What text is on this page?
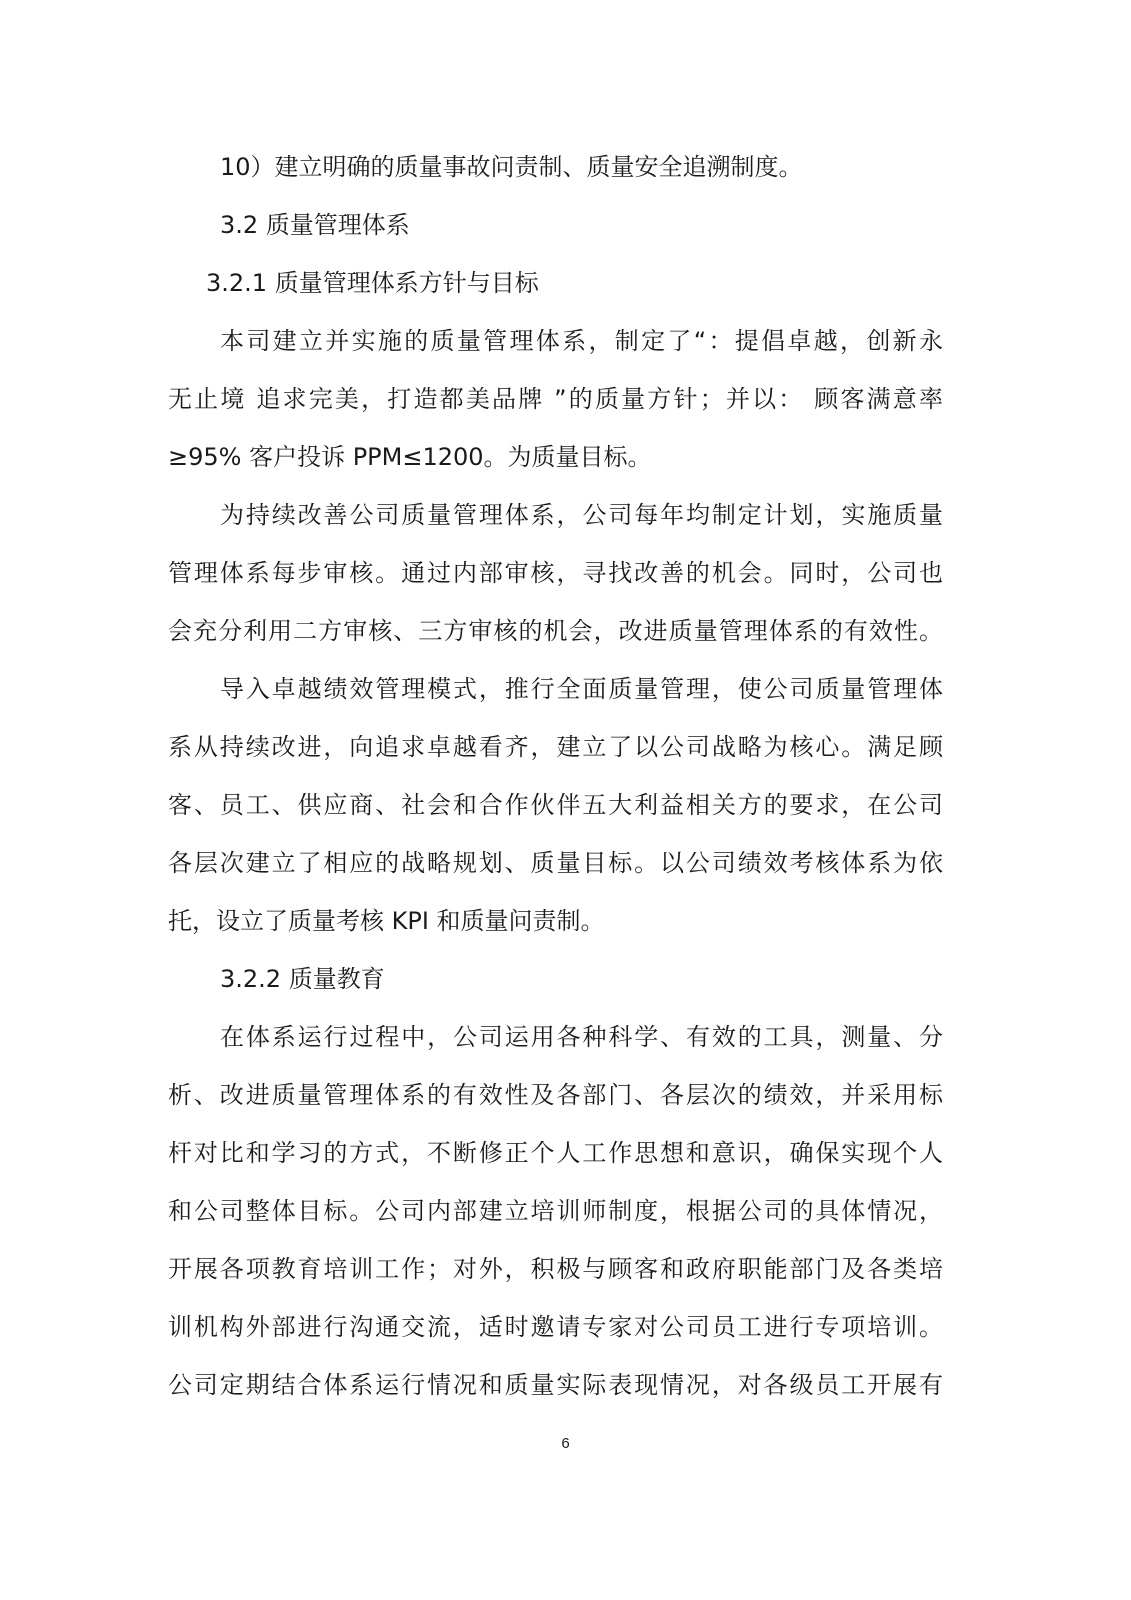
10）建立明确的质量事故问责制、质量安全追溯制度。
3.2 质量管理体系
3.2.1 质量管理体系方针与目标
本司建立并实施的质量管理体系，制定了“：提倡卓越，创新永
无止境 追求完美，打造都美品牌 ”的质量方针；并以： 顾客满意率
≥95% 客户投诉 PPM≤1200。为质量目标。
为持续改善公司质量管理体系，公司每年均制定计划，实施质量
管理体系每步审核。通过内部审核，寻找改善的机会。同时，公司也
会充分利用二方审核、三方审核的机会，改进质量管理体系的有效性。
导入卓越绩效管理模式，推行全面质量管理，使公司质量管理体
系从持续改进，向追求卓越看齐，建立了以公司战略为核心。满足顾
客、员工、供应商、社会和合作伙伴五大利益相关方的要求，在公司
各层次建立了相应的战略规划、质量目标。以公司绩效考核体系为依
托，设立了质量考核 KPI 和质量问责制。
3.2.2 质量教育
在体系运行过程中，公司运用各种科学、有效的工具，测量、分
析、改进质量管理体系的有效性及各部门、各层次的绩效，并采用标
杆对比和学习的方式，不断修正个人工作思想和意识，确保实现个人
和公司整体目标。公司内部建立培训师制度，根据公司的具体情况，
开展各项教育培训工作；对外，积极与顾客和政府职能部门及各类培
训机构外部进行沟通交流，适时邀请专家对公司员工进行专项培训。
公司定期结合体系运行情况和质量实际表现情况，对各级员工开展有
6
